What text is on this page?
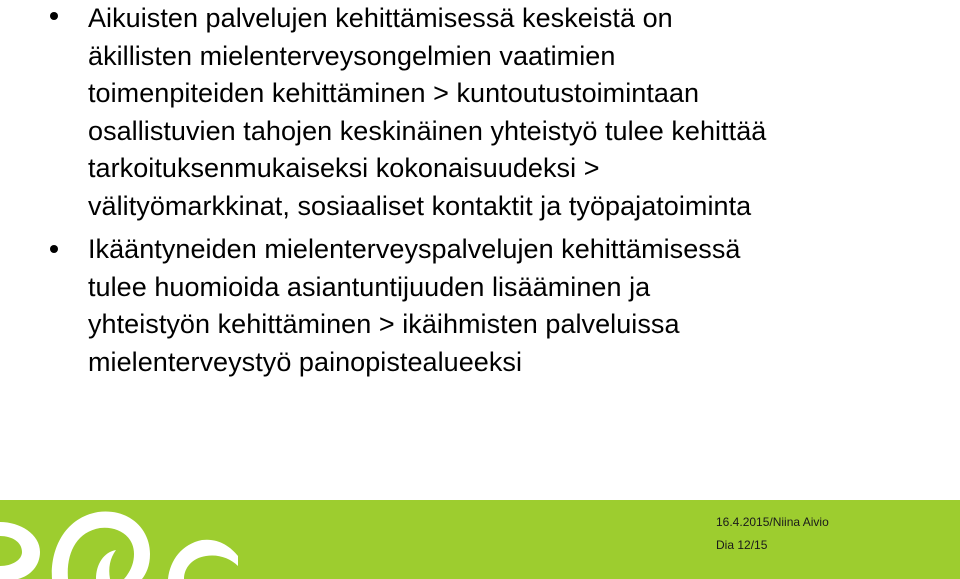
Aikuisten palvelujen kehittämisessä keskeistä on
äkillisten mielenterveysongelmien vaatimien
toimenpiteiden kehittäminen > kuntoutustoimintaan
osallistuvien tahojen keskinäinen yhteistyö tulee kehittää
tarkoituksenmukaiseksi kokonaisuudeksi >
välityömarkkinat, sosiaaliset kontaktit ja työpajatoiminta
Ikääntyneiden mielenterveyspalvelujen kehittämisessä
tulee huomioida asiantuntijuuden lisääminen ja
yhteistyön kehittäminen > ikäihmisten palveluissa
mielenterveystyö painopistealueeksi
16.4.2015/Niina Aivio
Dia 12/15
